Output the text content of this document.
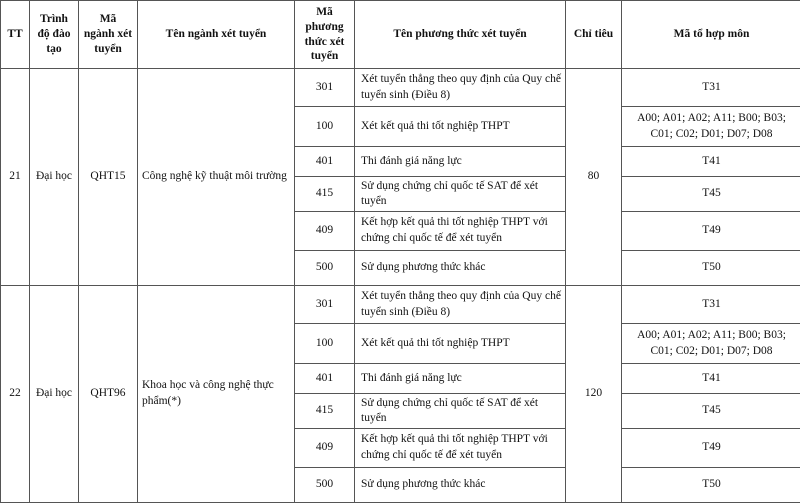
TT	Trình độ đào tạo	Mã ngành xét tuyển	Tên ngành xét tuyển	Mã phương thức xét tuyển	Tên phương thức xét tuyển	Chỉ tiêu	Mã tổ hợp môn
21	Đại học	QHT15	Công nghệ kỹ thuật môi trường	301	Xét tuyển thẳng theo quy định của Quy chế tuyển sinh (Điều 8)	80	T31
				100	Xét kết quả thi tốt nghiệp THPT		A00; A01; A02; A11; B00; B03; C01; C02; D01; D07; D08
				401	Thi đánh giá năng lực		T41
				415	Sử dụng chứng chỉ quốc tế SAT để xét tuyển		T45
				409	Kết hợp kết quả thi tốt nghiệp THPT với chứng chỉ quốc tế để xét tuyển		T49
				500	Sử dụng phương thức khác		T50
22	Đại học	QHT96	Khoa học và công nghệ thực phẩm(*)	301	Xét tuyển thẳng theo quy định của Quy chế tuyển sinh (Điều 8)	120	T31
				100	Xét kết quả thi tốt nghiệp THPT		A00; A01; A02; A11; B00; B03; C01; C02; D01; D07; D08
				401	Thi đánh giá năng lực		T41
				415	Sử dụng chứng chỉ quốc tế SAT để xét tuyển		T45
				409	Kết hợp kết quả thi tốt nghiệp THPT với chứng chỉ quốc tế để xét tuyển		T49
				500	Sử dụng phương thức khác		T50
